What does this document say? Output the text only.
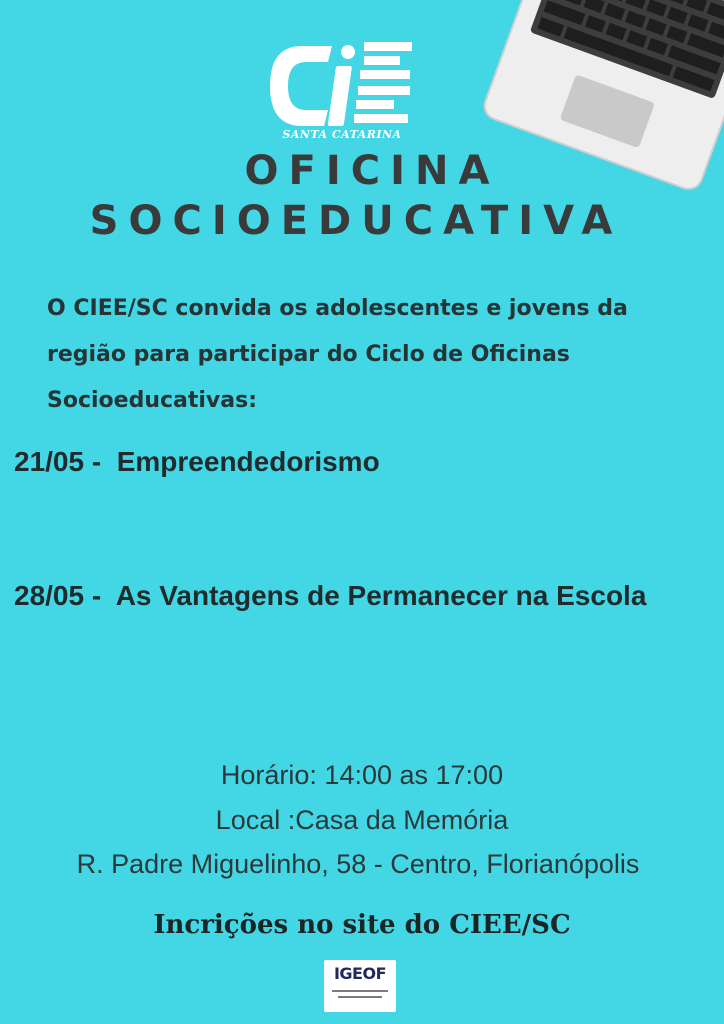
SANTA CATARINA
OFICINA
SOCIOEDUCATIVA
O CIEE/SC convida os adolescentes e jovens da região para participar do Ciclo de Oficinas Socioeducativas:
21/05 -  Empreendedorismo
28/05 -  As Vantagens de Permanecer na Escola
Horário: 14:00 as 17:00
Local :Casa da Memória
R. Padre Miguelinho, 58 - Centro, Florianópolis
Incrições no site do CIEE/SC
IGEOF
